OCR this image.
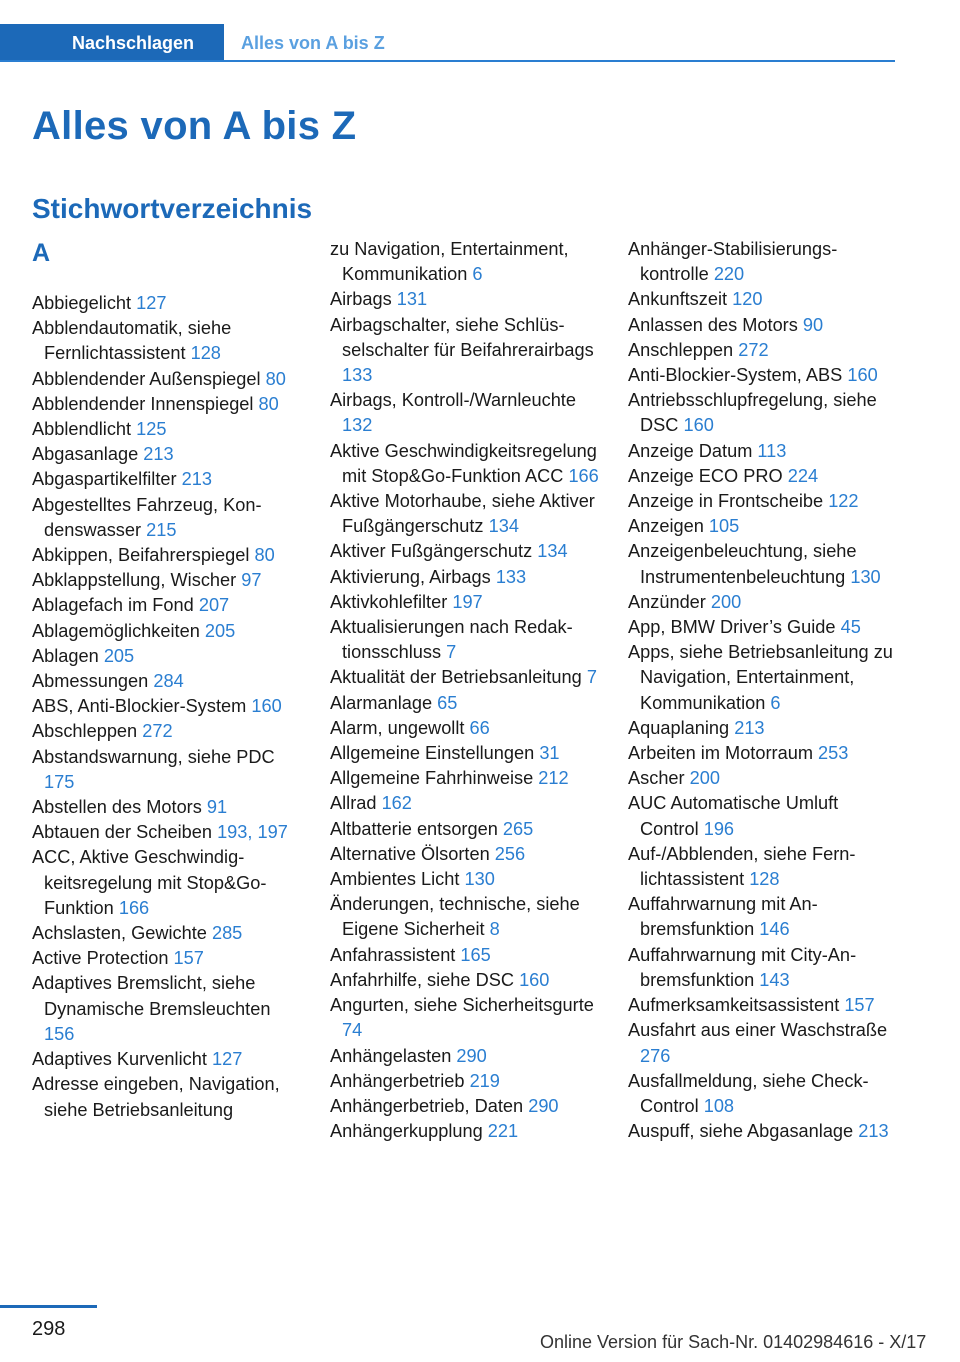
Nachschlagen	Alles von A bis Z
Alles von A bis Z
Stichwortverzeichnis
A
Abbiegelicht 127
Abblendautomatik, siehe Fernlichtassistent 128
Abblendender Außenspiegel 80
Abblendender Innenspiegel 80
Abblendlicht 125
Abgasanlage 213
Abgaspartikelfilter 213
Abgestelltes Fahrzeug, Kondenswasser 215
Abkippen, Beifahrerspiegel 80
Abklappstellung, Wischer 97
Ablagefach im Fond 207
Ablagemöglichkeiten 205
Ablagen 205
Abmessungen 284
ABS, Anti-Blockier-System 160
Abschleppen 272
Abstandswarnung, siehe PDC 175
Abstellen des Motors 91
Abtauen der Scheiben 193, 197
ACC, Aktive Geschwindigkeitsregelung mit Stop&Go-Funktion 166
Achslasten, Gewichte 285
Active Protection 157
Adaptives Bremslicht, siehe Dynamische Bremsleuchten 156
Adaptives Kurvenlicht 127
Adresse eingeben, Navigation, siehe Betriebsanleitung
zu Navigation, Entertainment, Kommunikation 6
Airbags 131
Airbagschalter, siehe Schlüsselschalter für Beifahrerairbags 133
Airbags, Kontroll-/Warnleuchte 132
Aktive Geschwindigkeitsregelung mit Stop&Go-Funktion ACC 166
Aktive Motorhaube, siehe Aktiver Fußgängerschutz 134
Aktiver Fußgängerschutz 134
Aktivierung, Airbags 133
Aktivkohlefilter 197
Aktualisierungen nach Redaktionsschluss 7
Aktualität der Betriebsanleitung 7
Alarmanlage 65
Alarm, ungewollt 66
Allgemeine Einstellungen 31
Allgemeine Fahrhinweise 212
Allrad 162
Altbatterie entsorgen 265
Alternative Ölsorten 256
Ambientes Licht 130
Änderungen, technische, siehe Eigene Sicherheit 8
Anfahrassistent 165
Anfahrhilfe, siehe DSC 160
Angurten, siehe Sicherheitsgurte 74
Anhängelasten 290
Anhängerbetrieb 219
Anhängerbetrieb, Daten 290
Anhängerkupplung 221
Anhänger-Stabilisierungskontrolle 220
Ankunftszeit 120
Anlassen des Motors 90
Anschleppen 272
Anti-Blockier-System, ABS 160
Antriebsschlupfregelung, siehe DSC 160
Anzeige Datum 113
Anzeige ECO PRO 224
Anzeige in Frontscheibe 122
Anzeigen 105
Anzeigenbeleuchtung, siehe Instrumentenbeleuchtung 130
Anzünder 200
App, BMW Driver’s Guide 45
Apps, siehe Betriebsanleitung zu Navigation, Entertainment, Kommunikation 6
Aquaplaning 213
Arbeiten im Motorraum 253
Ascher 200
AUC Automatische Umluft Control 196
Auf-/Abblenden, siehe Fernlichtassistent 128
Auffahrwarnung mit Anbremsfunktion 146
Auffahrwarnung mit City-Anbremsfunktion 143
Aufmerksamkeitsassistent 157
Ausfahrt aus einer Waschstraße 276
Ausfallmeldung, siehe Check-Control 108
Auspuff, siehe Abgasanlage 213
298
Online Version für Sach-Nr. 01402984616 - X/17
